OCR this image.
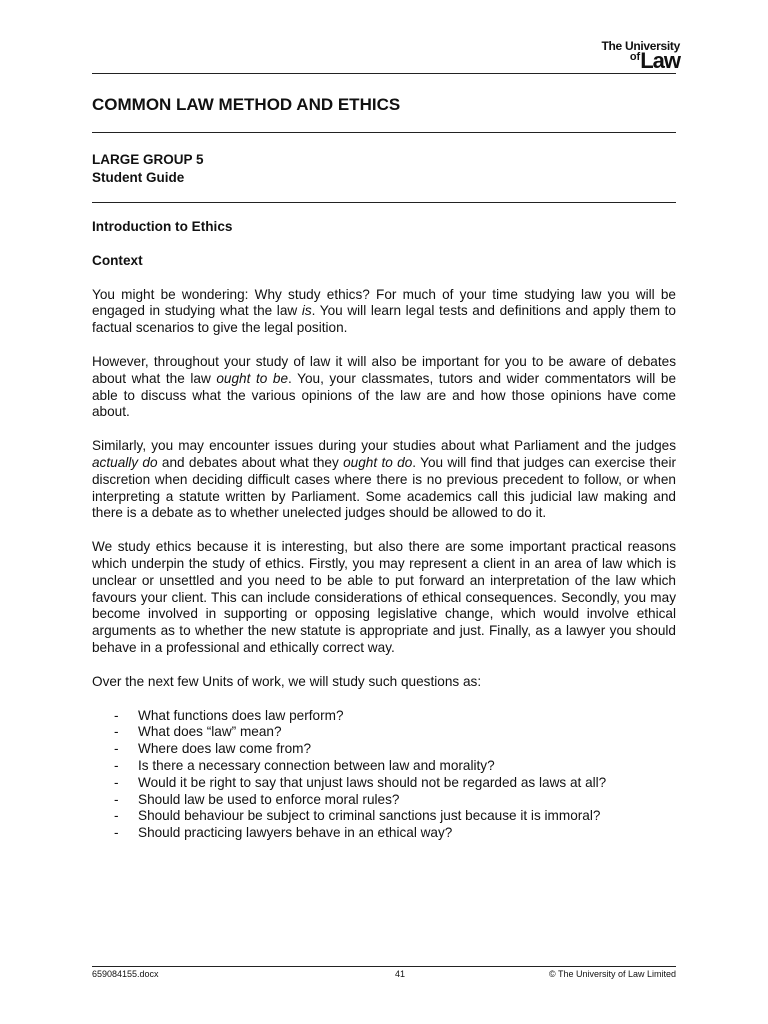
The University
$^{of}$Law
COMMON LAW METHOD AND ETHICS
LARGE GROUP 5
Student Guide
Introduction to Ethics
Context

You might be wondering: Why study ethics? For much of your time studying law you will be engaged in studying what the law is. You will learn legal tests and definitions and apply them to factual scenarios to give the legal position.

However, throughout your study of law it will also be important for you to be aware of debates about what the law ought to be. You, your classmates, tutors and wider commentators will be able to discuss what the various opinions of the law are and how those opinions have come about.

Similarly, you may encounter issues during your studies about what Parliament and the judges actually do and debates about what they ought to do. You will find that judges can exercise their discretion when deciding difficult cases where there is no previous precedent to follow, or when interpreting a statute written by Parliament. Some academics call this judicial law making and there is a debate as to whether unelected judges should be allowed to do it.

We study ethics because it is interesting, but also there are some important practical reasons which underpin the study of ethics. Firstly, you may represent a client in an area of law which is unclear or unsettled and you need to be able to put forward an interpretation of the law which favours your client. This can include considerations of ethical consequences. Secondly, you may become involved in supporting or opposing legislative change, which would involve ethical arguments as to whether the new statute is appropriate and just. Finally, as a lawyer you should behave in a professional and ethically correct way.

Over the next few Units of work, we will study such questions as:

- What functions does law perform?
- What does “law” mean?
- Where does law come from?
- Is there a necessary connection between law and morality?
- Would it be right to say that unjust laws should not be regarded as laws at all?
- Should law be used to enforce moral rules?
- Should behaviour be subject to criminal sanctions just because it is immoral?
- Should practicing lawyers behave in an ethical way?
659084155.docx	41	© The University of Law Limited
